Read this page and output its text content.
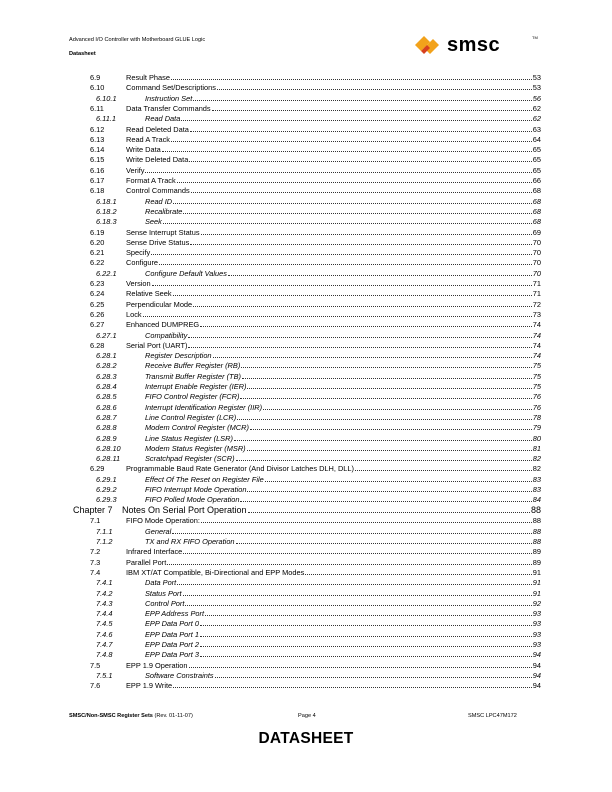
Advanced I/O Controller with Motherboard GLUE Logic
Datasheet	smsc	TM
6.9	Result Phase	53
6.10	Command Set/Descriptions	53
6.10.1	Instruction Set	56
6.11	Data Transfer Commands	62
6.11.1	Read Data	62
6.12	Read Deleted Data	63
6.13	Read A Track	64
6.14	Write Data	65
6.15	Write Deleted Data	65
6.16	Verify	65
6.17	Format A Track	66
6.18	Control Commands	68
6.18.1	Read ID	68
6.18.2	Recalibrate	68
6.18.3	Seek	68
6.19	Sense Interrupt Status	69
6.20	Sense Drive Status	70
6.21	Specify	70
6.22	Configure	70
6.22.1	Configure Default Values	70
6.23	Version	71
6.24	Relative Seek	71
6.25	Perpendicular Mode	72
6.26	Lock	73
6.27	Enhanced DUMPREG	74
6.27.1	Compatibility	74
6.28	Serial Port (UART)	74
6.28.1	Register Description	74
6.28.2	Receive Buffer Register (RB)	75
6.28.3	Transmit Buffer Register (TB)	75
6.28.4	Interrupt Enable Register (IER)	75
6.28.5	FIFO Control Register (FCR)	76
6.28.6	Interrupt Identification Register (IIR)	76
6.28.7	Line Control Register (LCR)	78
6.28.8	Modem Control Register (MCR)	79
6.28.9	Line Status Register (LSR)	80
6.28.10	Modem Status Register (MSR)	81
6.28.11	Scratchpad Register (SCR)	82
6.29	Programmable Baud Rate Generator (And Divisor Latches DLH, DLL)	82
6.29.1	Effect Of The Reset on Register File	83
6.29.2	FIFO Interrupt Mode Operation	83
6.29.3	FIFO Polled Mode Operation	84
Chapter 7	Notes On Serial Port Operation	88
7.1	FIFO Mode Operation:	88
7.1.1	General	88
7.1.2	TX and RX FIFO Operation	88
7.2	Infrared Interface	89
7.3	Parallel Port	89
7.4	IBM XT/AT Compatible, Bi-Directional and EPP Modes	91
7.4.1	Data Port	91
7.4.2	Status Port	91
7.4.3	Control Port	92
7.4.4	EPP Address Port	93
7.4.5	EPP Data Port 0	93
7.4.6	EPP Data Port 1	93
7.4.7	EPP Data Port 2	93
7.4.8	EPP Data Port 3	94
7.5	EPP 1.9 Operation	94
7.5.1	Software Constraints	94
7.6	EPP 1.9 Write	94
SMSC/Non-SMSC Register Sets (Rev. 01-11-07)	Page 4	SMSC LPC47M172
DATASHEET
